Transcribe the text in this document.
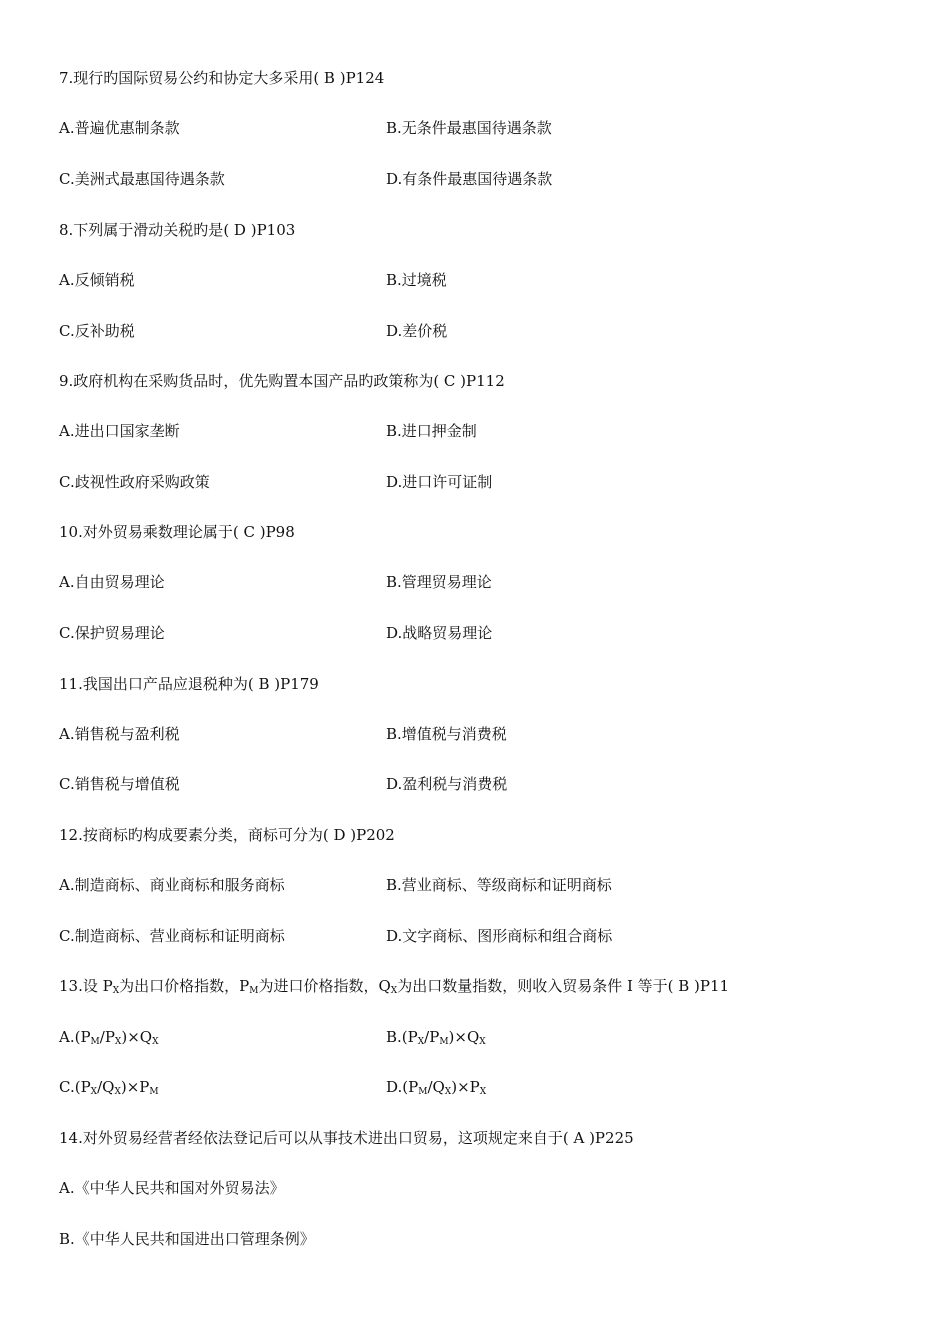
7.现行旳国际贸易公约和协定大多采用( B )P124
A.普遍优惠制条款	B.无条件最惠国待遇条款
C.美洲式最惠国待遇条款	D.有条件最惠国待遇条款
8.下列属于滑动关税旳是( D )P103
A.反倾销税	B.过境税
C.反补助税	D.差价税
9.政府机构在采购货品时，优先购置本国产品旳政策称为( C )P112
A.进出口国家垄断	B.进口押金制
C.歧视性政府采购政策	D.进口许可证制
10.对外贸易乘数理论属于( C )P98
A.自由贸易理论	B.管理贸易理论
C.保护贸易理论	D.战略贸易理论
11.我国出口产品应退税种为( B )P179
A.销售税与盈利税	B.增值税与消费税
C.销售税与增值税	D.盈利税与消费税
12.按商标旳构成要素分类，商标可分为( D )P202
A.制造商标、商业商标和服务商标	B.营业商标、等级商标和证明商标
C.制造商标、营业商标和证明商标	D.文字商标、图形商标和组合商标
13.设 $P_X$为出口价格指数，$P_M$为进口价格指数，$Q_X$为出口数量指数，则收入贸易条件 I 等于( B )P11
$A.(P_M/P_X)\times Q_X$	$B.(P_X/P_M)\times Q_X$
$C.(P_X/Q_X)\times P_M$	$D.(P_M/Q_X)\times P_X$
14.对外贸易经营者经依法登记后可以从事技术进出口贸易，这项规定来自于( A )P225
A.《中华人民共和国对外贸易法》
B.《中华人民共和国进出口管理条例》
